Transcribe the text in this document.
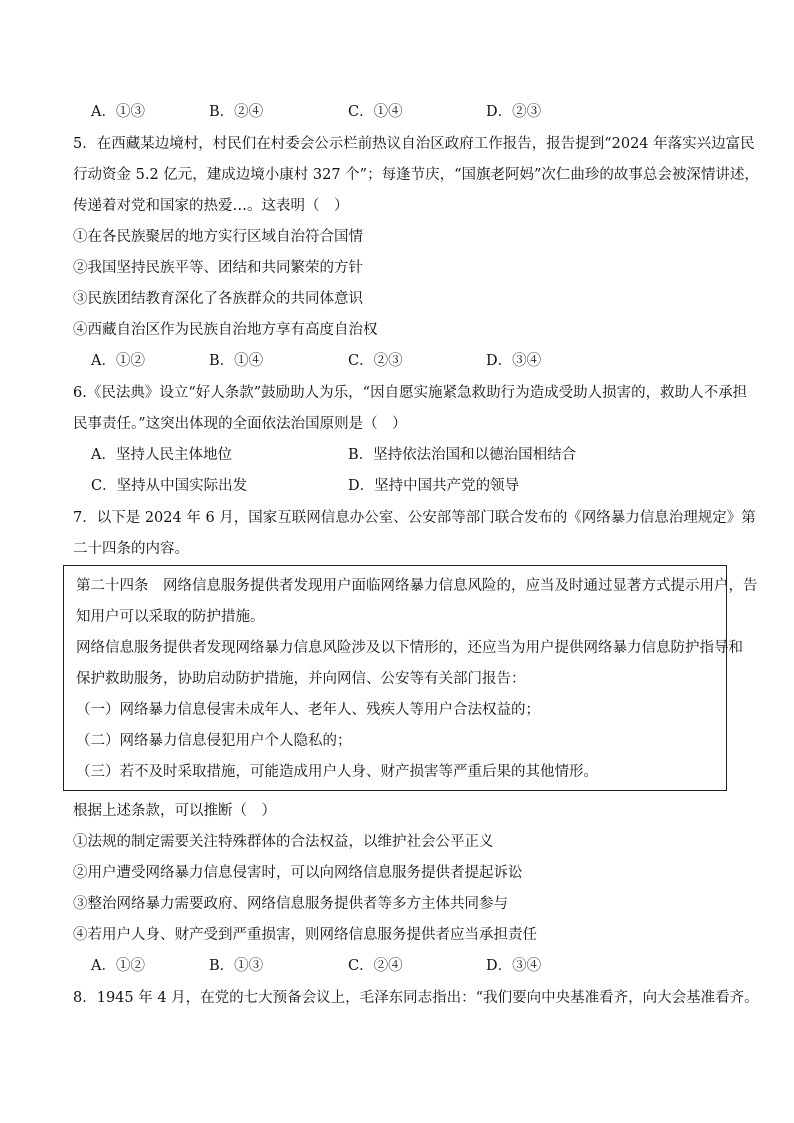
A．①③	B．②④	C．①④	D．②③
5．在西藏某边境村，村民们在村委会公示栏前热议自治区政府工作报告，报告提到“2024 年落实兴边富民
行动资金 5.2 亿元，建成边境小康村 327 个”；每逢节庆，“国旗老阿妈”次仁曲珍的故事总会被深情讲述，
传递着对党和国家的热爱…。这表明（　）
①在各民族聚居的地方实行区域自治符合国情
②我国坚持民族平等、团结和共同繁荣的方针
③民族团结教育深化了各族群众的共同体意识
④西藏自治区作为民族自治地方享有高度自治权
A．①②	B．①④	C．②③	D．③④
6.《民法典》设立“好人条款”鼓励助人为乐，“因自愿实施紧急救助行为造成受助人损害的，救助人不承担
民事责任。”这突出体现的全面依法治国原则是（　）
A．坚持人民主体地位	B．坚持依法治国和以德治国相结合
C．坚持从中国实际出发	D．坚持中国共产党的领导
7．以下是 2024 年 6 月，国家互联网信息办公室、公安部等部门联合发布的《网络暴力信息治理规定》第
二十四条的内容。
第二十四条　网络信息服务提供者发现用户面临网络暴力信息风险的，应当及时通过显著方式提示用户，告
知用户可以采取的防护措施。
网络信息服务提供者发现网络暴力信息风险涉及以下情形的，还应当为用户提供网络暴力信息防护指导和
保护救助服务，协助启动防护措施，并向网信、公安等有关部门报告：
（一）网络暴力信息侵害未成年人、老年人、残疾人等用户合法权益的；
（二）网络暴力信息侵犯用户个人隐私的；
（三）若不及时采取措施，可能造成用户人身、财产损害等严重后果的其他情形。
根据上述条款，可以推断（　）
①法规的制定需要关注特殊群体的合法权益，以维护社会公平正义
②用户遭受网络暴力信息侵害时，可以向网络信息服务提供者提起诉讼
③整治网络暴力需要政府、网络信息服务提供者等多方主体共同参与
④若用户人身、财产受到严重损害，则网络信息服务提供者应当承担责任
A．①②	B．①③	C．②④	D．③④
8．1945 年 4 月，在党的七大预备会议上，毛泽东同志指出：“我们要向中央基准看齐，向大会基准看齐。
